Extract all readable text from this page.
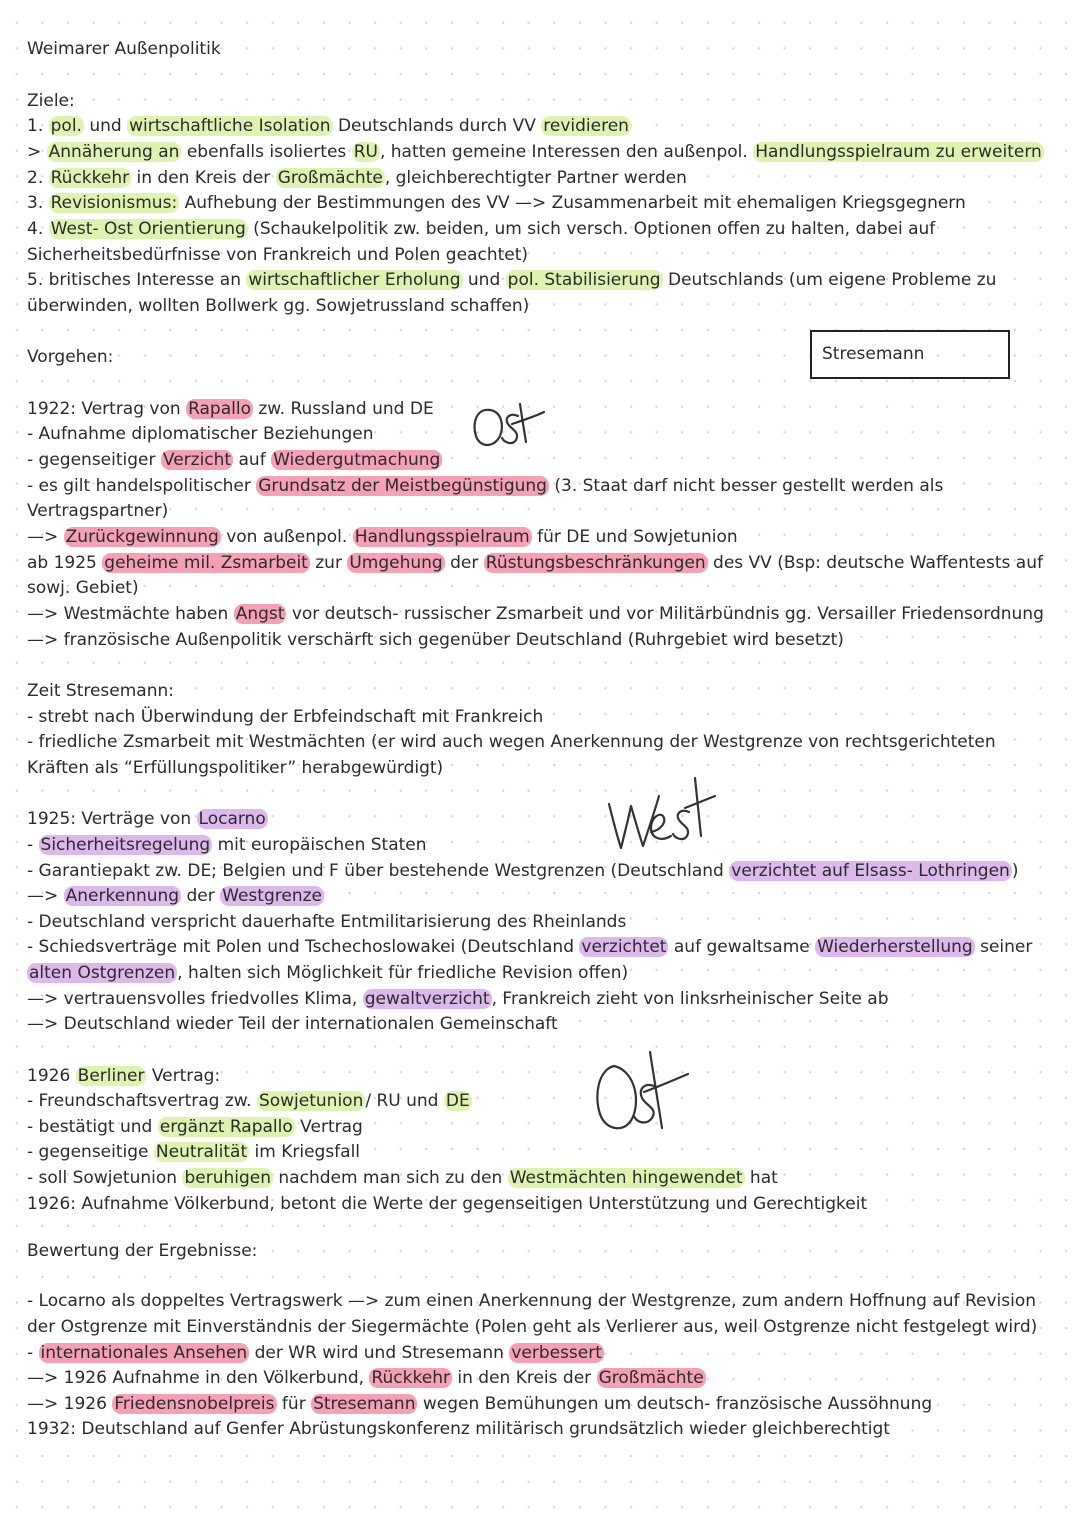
Weimarer Außenpolitik
Ziele:
1. pol. und wirtschaftliche Isolation Deutschlands durch VV revidieren
> Annäherung an ebenfalls isoliertes RU , hatten gemeine Interessen den außenpol. Handlungsspielraum zu erweitern
2. Rückkehr in den Kreis der Großmächte , gleichberechtigter Partner werden
3. Revisionismus: Aufhebung der Bestimmungen des VV —> Zusammenarbeit mit ehemaligen Kriegsgegnern
4. West- Ost Orientierung (Schaukelpolitik zw. beiden, um sich versch. Optionen offen zu halten, dabei auf
Sicherheitsbedürfnisse von Frankreich und Polen geachtet)
5. britisches Interesse an wirtschaftlicher Erholung und pol. Stabilisierung Deutschlands (um eigene Probleme zu
überwinden, wollten Bollwerk gg. Sowjetrussland schaffen)
Vorgehen:	Stresemann
1922: Vertrag von Rapallo zw. Russland und DE
- Aufnahme diplomatischer Beziehungen
- gegenseitiger Verzicht auf Wiedergutmachung
- es gilt handelspolitischer Grundsatz der Meistbegünstigung (3. Staat darf nicht besser gestellt werden als
Vertragspartner)
—> Zurückgewinnung von außenpol. Handlungsspielraum für DE und Sowjetunion
ab 1925 geheime mil. Zsmarbeit zur Umgehung der Rüstungsbeschränkungen des VV (Bsp: deutsche Waffentests auf
sowj. Gebiet)
—> Westmächte haben Angst vor deutsch- russischer Zsmarbeit und vor Militärbündnis gg. Versailler Friedensordnung
—> französische Außenpolitik verschärft sich gegenüber Deutschland (Ruhrgebiet wird besetzt)
Zeit Stresemann:
- strebt nach Überwindung der Erbfeindschaft mit Frankreich
- friedliche Zsmarbeit mit Westmächten (er wird auch wegen Anerkennung der Westgrenze von rechtsgerichteten
Kräften als “Erfüllungspolitiker” herabgewürdigt)
1925: Verträge von Locarno
- Sicherheitsregelung mit europäischen Staten
- Garantiepakt zw. DE; Belgien und F über bestehende Westgrenzen (Deutschland verzichtet auf Elsass- Lothringen )
—> Anerkennung der Westgrenze
- Deutschland verspricht dauerhafte Entmilitarisierung des Rheinlands
- Schiedsverträge mit Polen und Tschechoslowakei (Deutschland verzichtet auf gewaltsame Wiederherstellung seiner
alten Ostgrenzen , halten sich Möglichkeit für friedliche Revision offen)
—> vertrauensvolles friedvolles Klima, gewaltverzicht , Frankreich zieht von linksrheinischer Seite ab
—> Deutschland wieder Teil der internationalen Gemeinschaft
1926 Berliner Vertrag:
- Freundschaftsvertrag zw. Sowjetunion / RU und DE
- bestätigt und ergänzt Rapallo Vertrag
- gegenseitige Neutralität im Kriegsfall
- soll Sowjetunion beruhigen nachdem man sich zu den Westmächten hingewendet hat
1926: Aufnahme Völkerbund, betont die Werte der gegenseitigen Unterstützung und Gerechtigkeit
Bewertung der Ergebnisse:
- Locarno als doppeltes Vertragswerk —> zum einen Anerkennung der Westgrenze, zum andern Hoffnung auf Revision
der Ostgrenze mit Einverständnis der Siegermächte (Polen geht als Verlierer aus, weil Ostgrenze nicht festgelegt wird)
- internationales Ansehen der WR wird und Stresemann verbessert
—> 1926 Aufnahme in den Völkerbund, Rückkehr in den Kreis der Großmächte
—> 1926 Friedensnobelpreis für Stresemann wegen Bemühungen um deutsch- französische Aussöhnung
1932: Deutschland auf Genfer Abrüstungskonferenz militärisch grundsätzlich wieder gleichberechtigt
